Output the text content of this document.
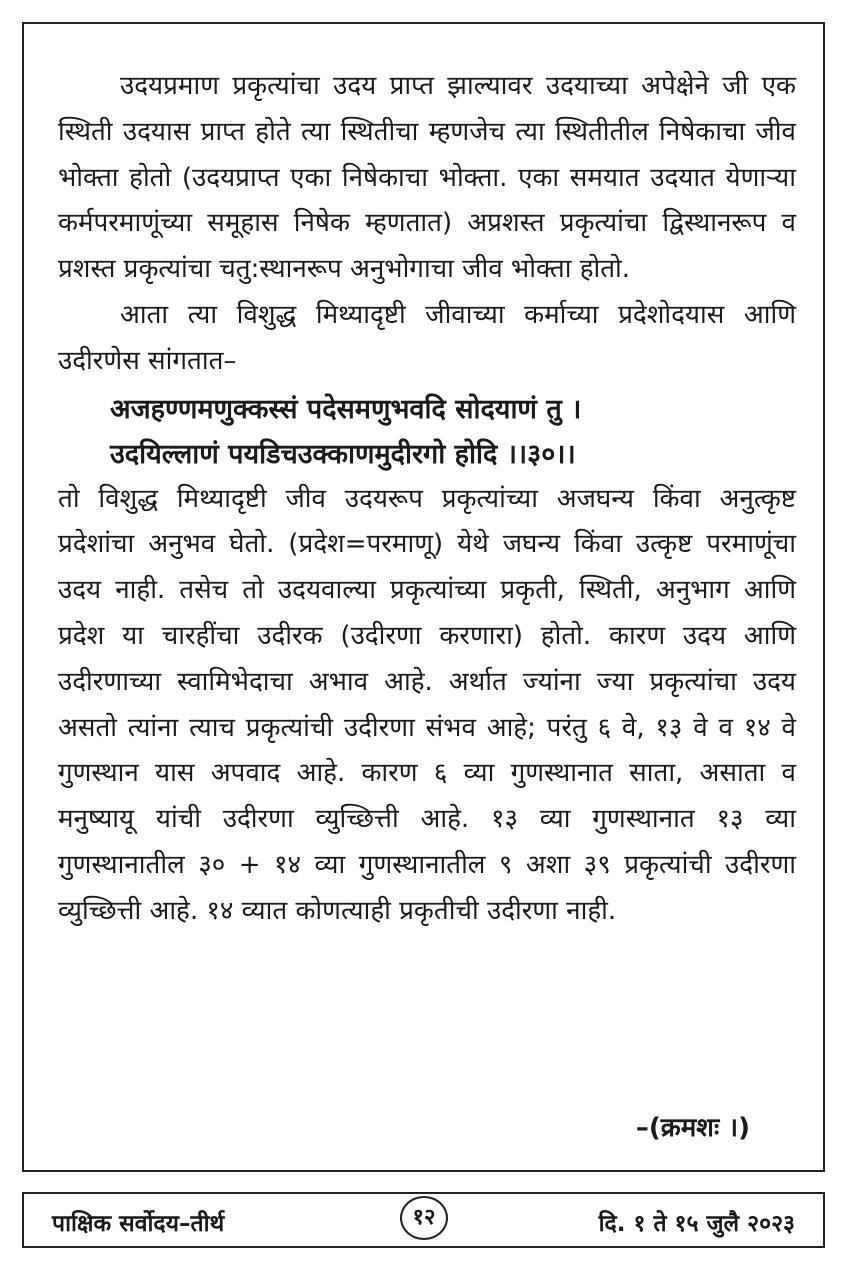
उदयप्रमाण प्रकृत्यांचा उदय प्राप्त झाल्यावर उदयाच्या अपेक्षेने जी एक स्थिती उदयास प्राप्त होते त्या स्थितीचा म्हणजेच त्या स्थितीतील निषेकाचा जीव भोक्ता होतो (उदयप्राप्त एका निषेकाचा भोक्ता. एका समयात उदयात येणाऱ्या कर्मपरमाणूंच्या समूहास निषेक म्हणतात) अप्रशस्त प्रकृत्यांचा द्विस्थानरूप व प्रशस्त प्रकृत्यांचा चतु:स्थानरूप अनुभोगाचा जीव भोक्ता होतो.

आता त्या विशुद्ध मिथ्यादृष्टी जीवाच्या कर्माच्या प्रदेशोदयास आणि उदीरणेस सांगतात–

अजहण्णमणुक्कस्सं पदेसमणुभवदि सोदयाणं तु ।
उदयिल्लाणं पयडिचउक्काणमुदीरगो होदि ।।३०।।

तो विशुद्ध मिथ्यादृष्टी जीव उदयरूप प्रकृत्यांच्या अजघन्य किंवा अनुत्कृष्ट प्रदेशांचा अनुभव घेतो. (प्रदेश=परमाणू) येथे जघन्य किंवा उत्कृष्ट परमाणूंचा उदय नाही. तसेच तो उदयवाल्या प्रकृत्यांच्या प्रकृती, स्थिती, अनुभाग आणि प्रदेश या चारहींचा उदीरक (उदीरणा करणारा) होतो. कारण उदय आणि उदीरणाच्या स्वामिभेदाचा अभाव आहे. अर्थात ज्यांना ज्या प्रकृत्यांचा उदय असतो त्यांना त्याच प्रकृत्यांची उदीरणा संभव आहे; परंतु ६ वे, १३ वे व १४ वे गुणस्थान यास अपवाद आहे. कारण ६ व्या गुणस्थानात साता, असाता व मनुष्यायू यांची उदीरणा व्युच्छित्ती आहे. १३ व्या गुणस्थानात १३ व्या गुणस्थानातील ३० + १४ व्या गुणस्थानातील ९ अशा ३९ प्रकृत्यांची उदीरणा व्युच्छित्ती आहे. १४ व्यात कोणत्याही प्रकृतीची उदीरणा नाही.

–(क्रमशः ।)
पाक्षिक सर्वोदय–तीर्थ	१२	दि. १ ते १५ जुलै २०२३
